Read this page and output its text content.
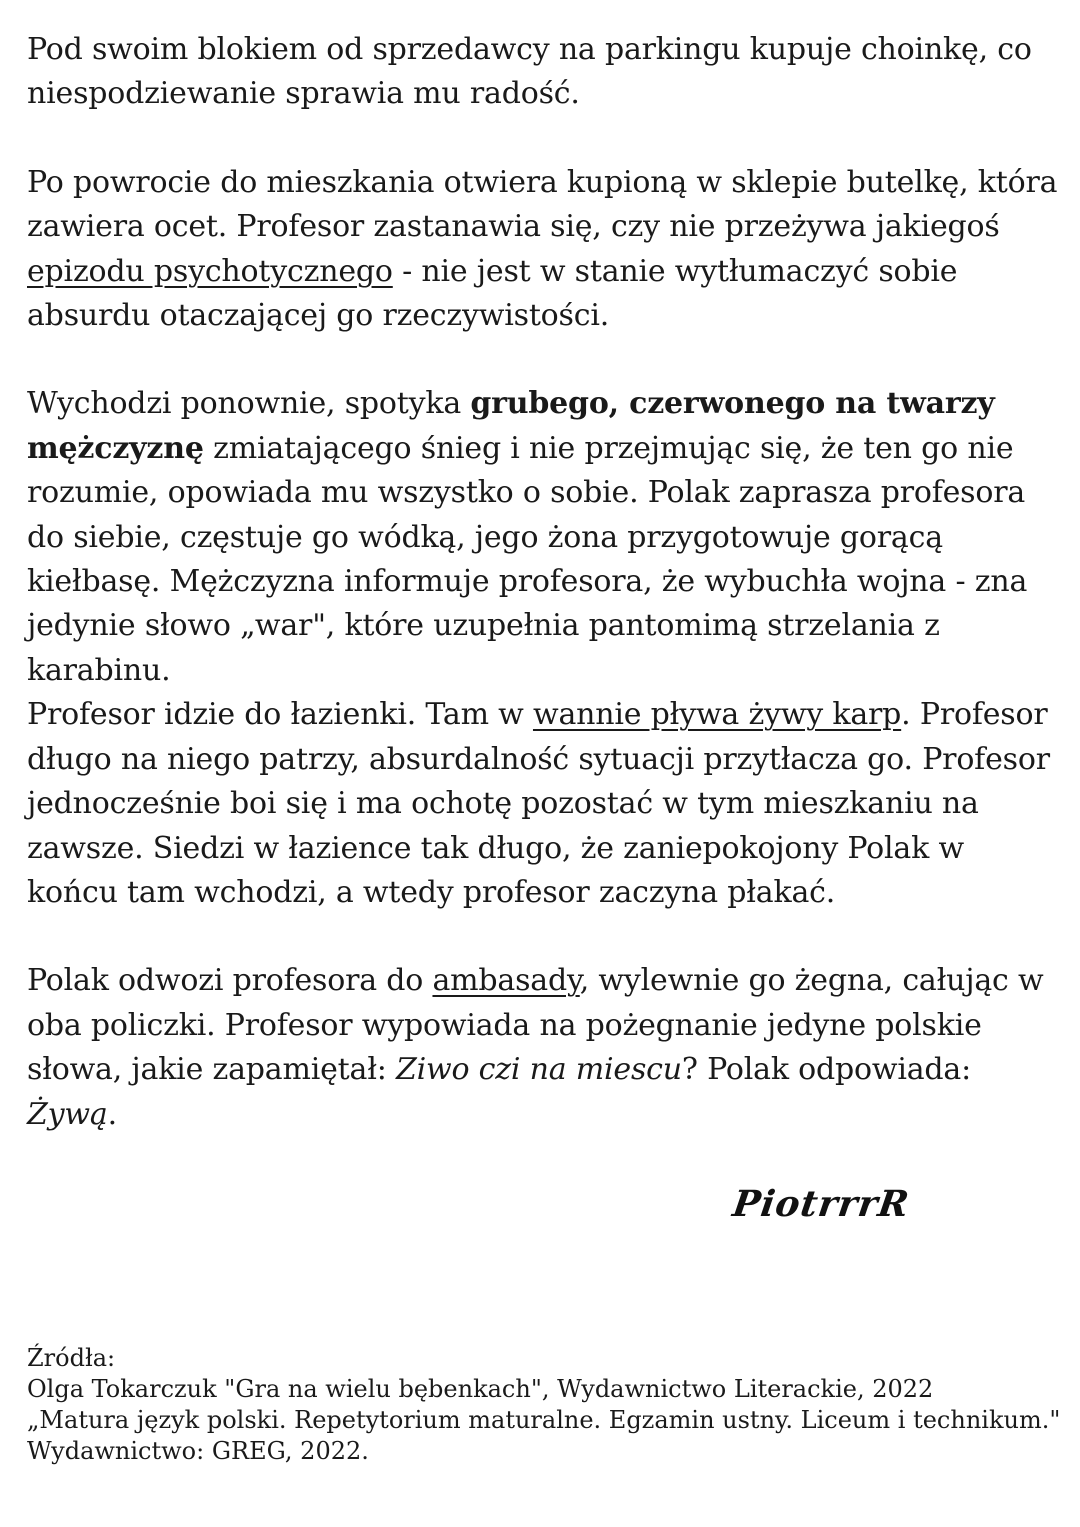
Pod swoim blokiem od sprzedawcy na parkingu kupuje choinkę, co niespodziewanie sprawia mu radość.

Po powrocie do mieszkania otwiera kupioną w sklepie butelkę, która zawiera ocet. Profesor zastanawia się, czy nie przeżywa jakiegoś epizodu psychotycznego - nie jest w stanie wytłumaczyć sobie absurdu otaczającej go rzeczywistości.

Wychodzi ponownie, spotyka grubego, czerwonego na twarzy mężczyznę zmiatającego śnieg i nie przejmując się, że ten go nie rozumie, opowiada mu wszystko o sobie. Polak zaprasza profesora do siebie, częstuje go wódką, jego żona przygotowuje gorącą kiełbasę. Mężczyzna informuje profesora, że wybuchła wojna - zna jedynie słowo „war", które uzupełnia pantomimą strzelania z karabinu.

Profesor idzie do łazienki. Tam w wannie pływa żywy karp. Profesor długo na niego patrzy, absurdalność sytuacji przytłacza go. Profesor jednocześnie boi się i ma ochotę pozostać w tym mieszkaniu na zawsze. Siedzi w łazience tak długo, że zaniepokojony Polak w końcu tam wchodzi, a wtedy profesor zaczyna płakać.

Polak odwozi profesora do ambasady, wylewnie go żegna, całując w oba policzki. Profesor wypowiada na pożegnanie jedyne polskie słowa, jakie zapamiętał: Ziwo czi na miescu? Polak odpowiada: Żywą.

PiotrrrR

Źródła:

Olga Tokarczuk "Gra na wielu bębenkach", Wydawnictwo Literackie, 2022

„Matura język polski. Repetytorium maturalne. Egzamin ustny. Liceum i technikum." Wydawnictwo: GREG, 2022.
